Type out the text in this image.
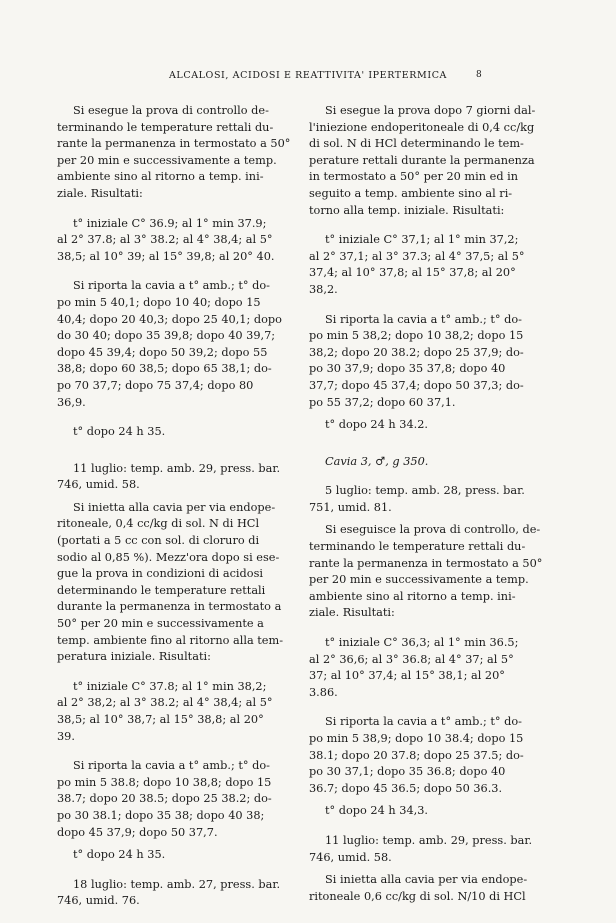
ALCALOSI, ACIDOSI E REATTIVITA' IPERTERMICA	8

Si esegue la prova di controllo de-
terminando le temperature rettali du-
rante la permanenza in termostato a 50°
per 20 min e successivamente a temp.
ambiente sino al ritorno a temp. ini-
ziale. Risultati:

t° iniziale C° 36.9; al 1° min 37.9;
al 2° 37.8; al 3° 38.2; al 4° 38,4; al 5°
38,5; al 10° 39; al 15° 39,8; al 20° 40.

Si riporta la cavia a t° amb.; t° do-
po min 5 40,1; dopo 10 40; dopo 15
40,4; dopo 20 40,3; dopo 25 40,1; dopo
do 30 40; dopo 35 39,8; dopo 40 39,7;
dopo 45 39,4; dopo 50 39,2; dopo 55
38,8; dopo 60 38,5; dopo 65 38,1; do-
po 70 37,7; dopo 75 37,4; dopo 80
36,9.

t° dopo 24 h 35.

11 luglio: temp. amb. 29, press. bar.
746, umid. 58.

Si inietta alla cavia per via endope-
ritoneale, 0,4 cc/kg di sol. N di HCl
(portati a 5 cc con sol. di cloruro di
sodio al 0,85 %). Mezz'ora dopo si ese-
gue la prova in condizioni di acidosi
determinando le temperature rettali
durante la permanenza in termostato a
50° per 20 min e successivamente a
temp. ambiente fino al ritorno alla tem-
peratura iniziale. Risultati:

t° iniziale C° 37.8; al 1° min 38,2;
al 2° 38,2; al 3° 38.2; al 4° 38,4; al 5°
38,5; al 10° 38,7; al 15° 38,8; al 20°
39.

Si riporta la cavia a t° amb.; t° do-
po min 5 38.8; dopo 10 38,8; dopo 15
38.7; dopo 20 38.5; dopo 25 38.2; do-
po 30 38.1; dopo 35 38; dopo 40 38;
dopo 45 37,9; dopo 50 37,7.

t° dopo 24 h 35.

18 luglio: temp. amb. 27, press. bar.
746, umid. 76.

Si esegue la prova dopo 7 giorni dal-
l'iniezione endoperitoneale di 0,4 cc/kg
di sol. N di HCl determinando le tem-
perature rettali durante la permanenza
in termostato a 50° per 20 min ed in
seguito a temp. ambiente sino al ri-
torno alla temp. iniziale. Risultati:

t° iniziale C° 37,1; al 1° min 37,2;
al 2° 37,1; al 3° 37.3; al 4° 37,5; al 5°
37,4; al 10° 37,8; al 15° 37,8; al 20°
38,2.

Si riporta la cavia a t° amb.; t° do-
po min 5 38,2; dopo 10 38,2; dopo 15
38,2; dopo 20 38.2; dopo 25 37,9; do-
po 30 37,9; dopo 35 37,8; dopo 40
37,7; dopo 45 37,4; dopo 50 37,3; do-
po 55 37,2; dopo 60 37,1.

t° dopo 24 h 34.2.

Cavia 3, ♂, g 350.

5 luglio: temp. amb. 28, press. bar.
751, umid. 81.

Si eseguisce la prova di controllo, de-
terminando le temperature rettali du-
rante la permanenza in termostato a 50°
per 20 min e successivamente a temp.
ambiente sino al ritorno a temp. ini-
ziale. Risultati:

t° iniziale C° 36,3; al 1° min 36.5;
al 2° 36,6; al 3° 36.8; al 4° 37; al 5°
37; al 10° 37,4; al 15° 38,1; al 20°
3.86.

Si riporta la cavia a t° amb.; t° do-
po min 5 38,9; dopo 10 38.4; dopo 15
38.1; dopo 20 37.8; dopo 25 37.5; do-
po 30 37,1; dopo 35 36.8; dopo 40
36.7; dopo 45 36.5; dopo 50 36.3.

t° dopo 24 h 34,3.

11 luglio: temp. amb. 29, press. bar.
746, umid. 58.

Si inietta alla cavia per via endope-
ritoneale 0,6 cc/kg di sol. N/10 di HCl
